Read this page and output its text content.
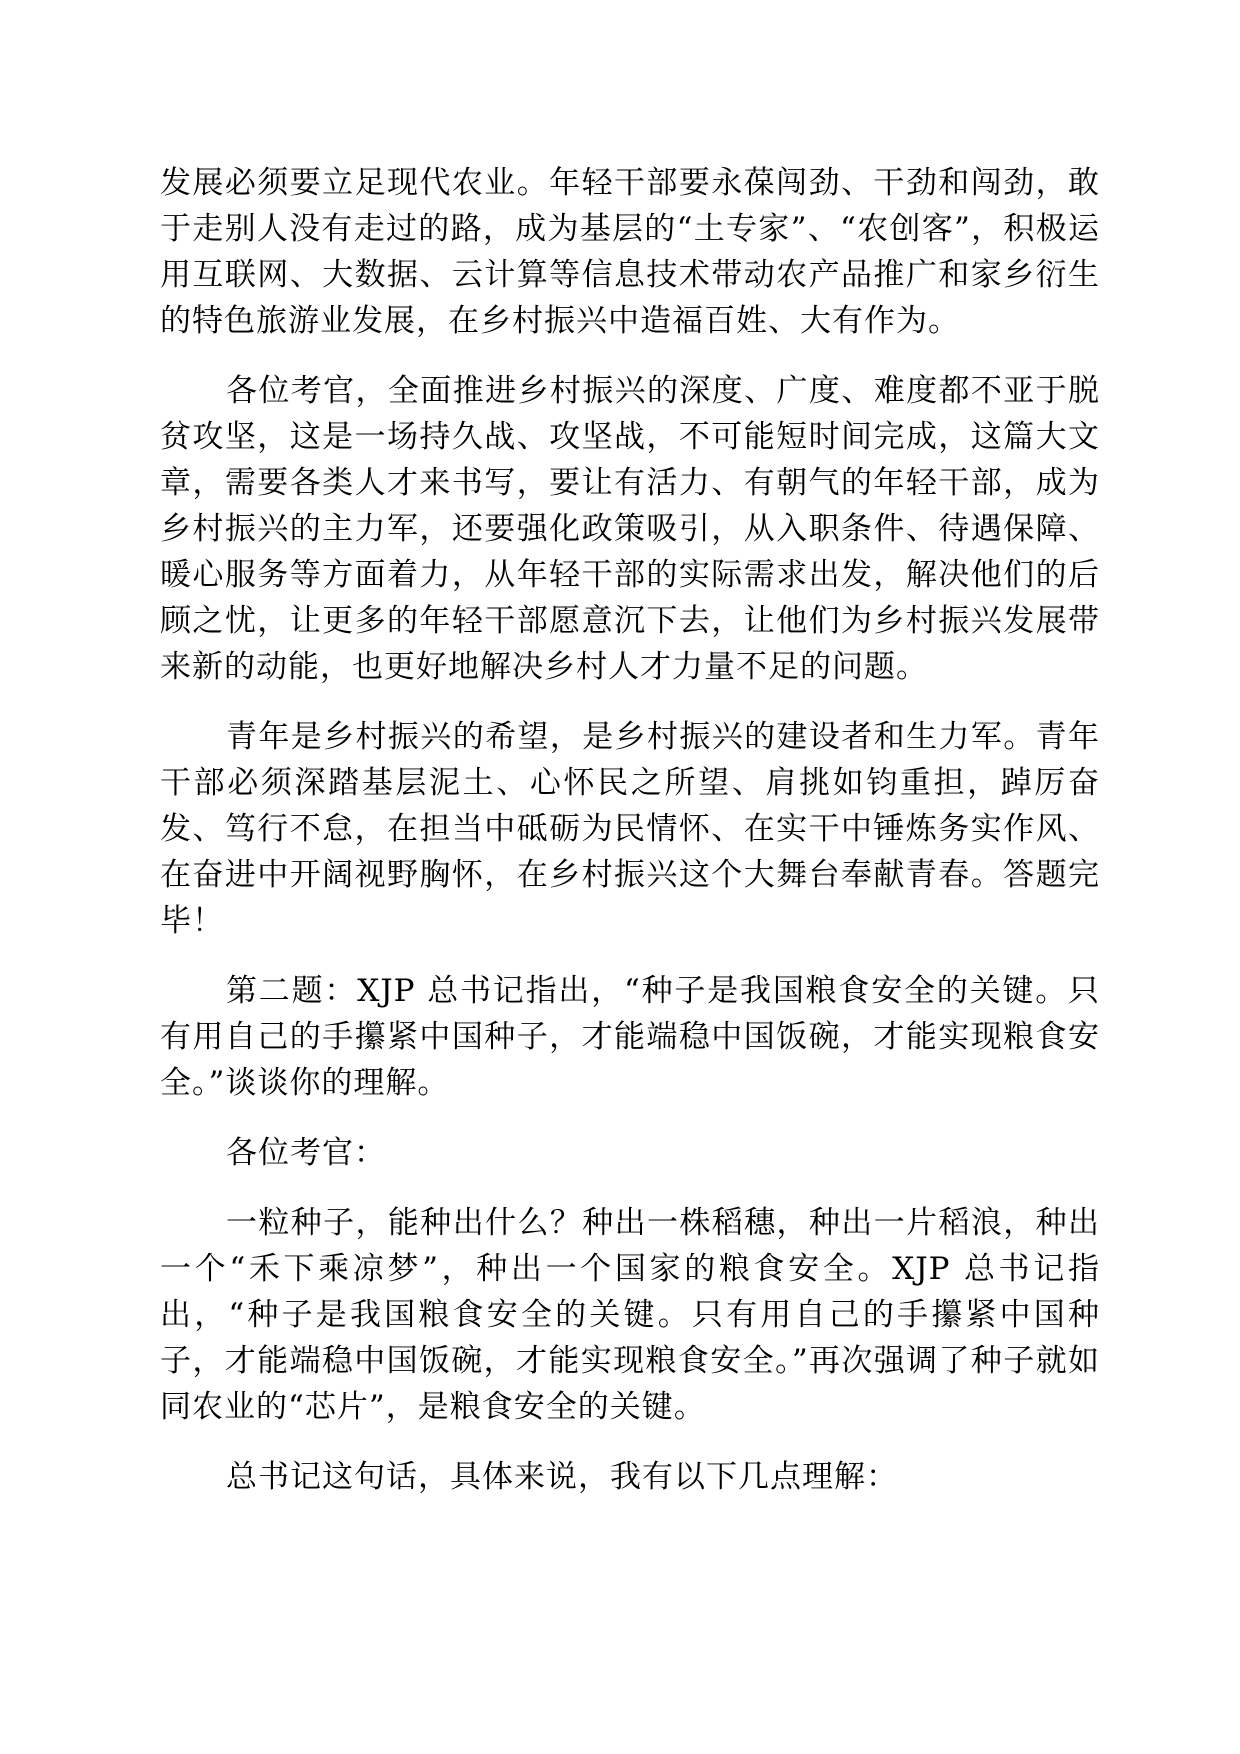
发展必须要立足现代农业。年轻干部要永葆闯劲、干劲和闯劲，敢于走别人没有走过的路，成为基层的“土专家”、“农创客”，积极运用互联网、大数据、云计算等信息技术带动农产品推广和家乡衍生的特色旅游业发展，在乡村振兴中造福百姓、大有作为。

各位考官，全面推进乡村振兴的深度、广度、难度都不亚于脱贫攻坚，这是一场持久战、攻坚战，不可能短时间完成，这篇大文章，需要各类人才来书写，要让有活力、有朝气的年轻干部，成为乡村振兴的主力军，还要强化政策吸引，从入职条件、待遇保障、暖心服务等方面着力，从年轻干部的实际需求出发，解决他们的后顾之忧，让更多的年轻干部愿意沉下去，让他们为乡村振兴发展带来新的动能，也更好地解决乡村人才力量不足的问题。

青年是乡村振兴的希望，是乡村振兴的建设者和生力军。青年干部必须深踏基层泥土、心怀民之所望、肩挑如钧重担，踔厉奋发、笃行不怠，在担当中砥砺为民情怀、在实干中锤炼务实作风、在奋进中开阔视野胸怀，在乡村振兴这个大舞台奉献青春。答题完毕！

第二题：XJP 总书记指出，“种子是我国粮食安全的关键。只有用自己的手攥紧中国种子，才能端稳中国饭碗，才能实现粮食安全。”谈谈你的理解。

各位考官：

一粒种子，能种出什么？种出一株稻穗，种出一片稻浪，种出一个“禾下乘凉梦”，种出一个国家的粮食安全。XJP 总书记指出，“种子是我国粮食安全的关键。只有用自己的手攥紧中国种子，才能端稳中国饭碗，才能实现粮食安全。”再次强调了种子就如同农业的“芯片”，是粮食安全的关键。

总书记这句话，具体来说，我有以下几点理解：
